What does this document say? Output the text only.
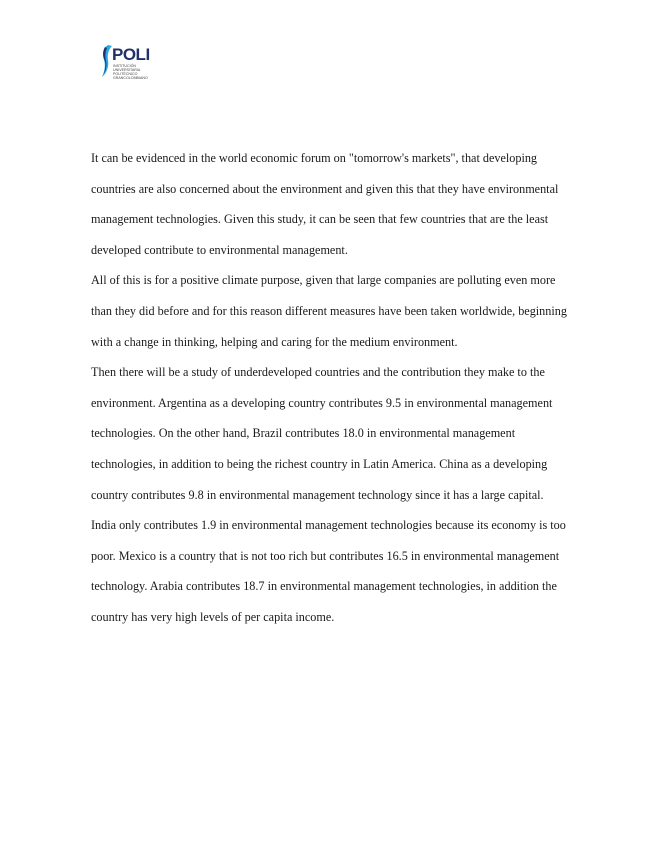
POLI
INSTITUCIÓN UNIVERSITARIA POLITÉCNICO GRANCOLOMBIANO

It can be evidenced in the world economic forum on "tomorrow's markets", that developing countries are also concerned about the environment and given this that they have environmental management technologies. Given this study, it can be seen that few countries that are the least developed contribute to environmental management.

All of this is for a positive climate purpose, given that large companies are polluting even more than they did before and for this reason different measures have been taken worldwide, beginning with a change in thinking, helping and caring for the medium environment.

Then there will be a study of underdeveloped countries and the contribution they make to the environment. Argentina as a developing country contributes 9.5 in environmental management technologies. On the other hand, Brazil contributes 18.0 in environmental management technologies, in addition to being the richest country in Latin America. China as a developing country contributes 9.8 in environmental management technology since it has a large capital. India only contributes 1.9 in environmental management technologies because its economy is too poor. Mexico is a country that is not too rich but contributes 16.5 in environmental management technology. Arabia contributes 18.7 in environmental management technologies, in addition the country has very high levels of per capita income.
